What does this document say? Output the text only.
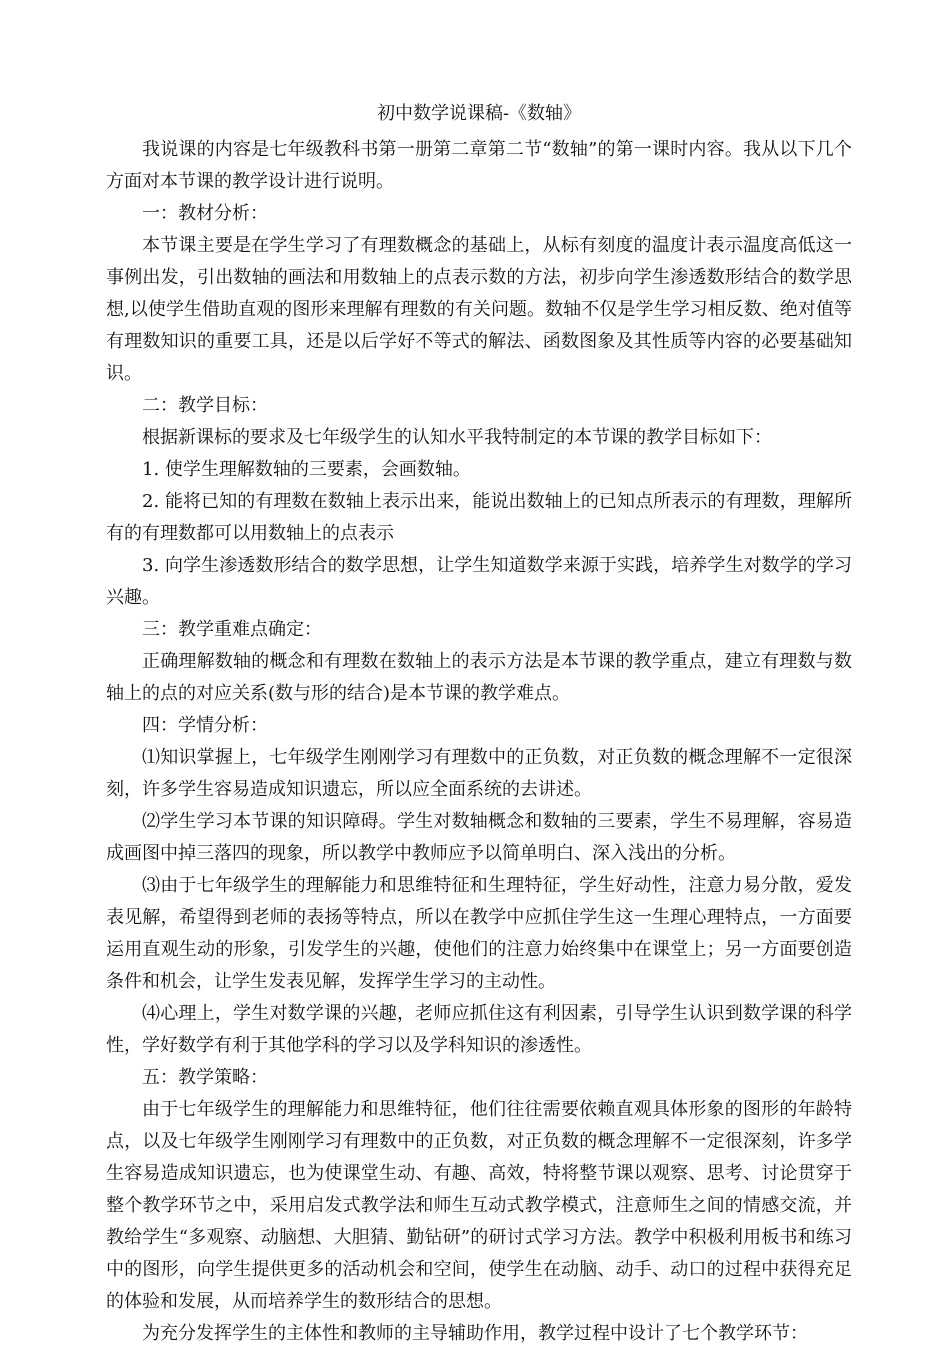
初中数学说课稿-《数轴》

我说课的内容是七年级教科书第一册第二章第二节“数轴”的第一课时内容。我从以下几个方面对本节课的教学设计进行说明。

一：教材分析：

本节课主要是在学生学习了有理数概念的基础上，从标有刻度的温度计表示温度高低这一事例出发，引出数轴的画法和用数轴上的点表示数的方法，初步向学生渗透数形结合的数学思想,以使学生借助直观的图形来理解有理数的有关问题。数轴不仅是学生学习相反数、绝对值等有理数知识的重要工具，还是以后学好不等式的解法、函数图象及其性质等内容的必要基础知识。

二：教学目标：

根据新课标的要求及七年级学生的认知水平我特制定的本节课的教学目标如下：

1. 使学生理解数轴的三要素，会画数轴。

2. 能将已知的有理数在数轴上表示出来，能说出数轴上的已知点所表示的有理数，理解所有的有理数都可以用数轴上的点表示

3. 向学生渗透数形结合的数学思想，让学生知道数学来源于实践，培养学生对数学的学习兴趣。

三：教学重难点确定：

正确理解数轴的概念和有理数在数轴上的表示方法是本节课的教学重点，建立有理数与数轴上的点的对应关系(数与形的结合)是本节课的教学难点。

四：学情分析：

⑴知识掌握上，七年级学生刚刚学习有理数中的正负数，对正负数的概念理解不一定很深刻，许多学生容易造成知识遗忘，所以应全面系统的去讲述。

⑵学生学习本节课的知识障碍。学生对数轴概念和数轴的三要素，学生不易理解，容易造成画图中掉三落四的现象，所以教学中教师应予以简单明白、深入浅出的分析。

⑶由于七年级学生的理解能力和思维特征和生理特征，学生好动性，注意力易分散，爱发表见解，希望得到老师的表扬等特点，所以在教学中应抓住学生这一生理心理特点，一方面要运用直观生动的形象，引发学生的兴趣，使他们的注意力始终集中在课堂上；另一方面要创造条件和机会，让学生发表见解，发挥学生学习的主动性。

⑷心理上，学生对数学课的兴趣，老师应抓住这有利因素，引导学生认识到数学课的科学性，学好数学有利于其他学科的学习以及学科知识的渗透性。

五：教学策略：

由于七年级学生的理解能力和思维特征，他们往往需要依赖直观具体形象的图形的年龄特点，以及七年级学生刚刚学习有理数中的正负数，对正负数的概念理解不一定很深刻，许多学生容易造成知识遗忘，也为使课堂生动、有趣、高效，特将整节课以观察、思考、讨论贯穿于整个教学环节之中，采用启发式教学法和师生互动式教学模式，注意师生之间的情感交流，并教给学生“多观察、动脑想、大胆猜、勤钻研”的研讨式学习方法。教学中积极利用板书和练习中的图形，向学生提供更多的活动机会和空间，使学生在动脑、动手、动口的过程中获得充足的体验和发展，从而培养学生的数形结合的思想。

为充分发挥学生的主体性和教师的主导辅助作用，教学过程中设计了七个教学环节：
